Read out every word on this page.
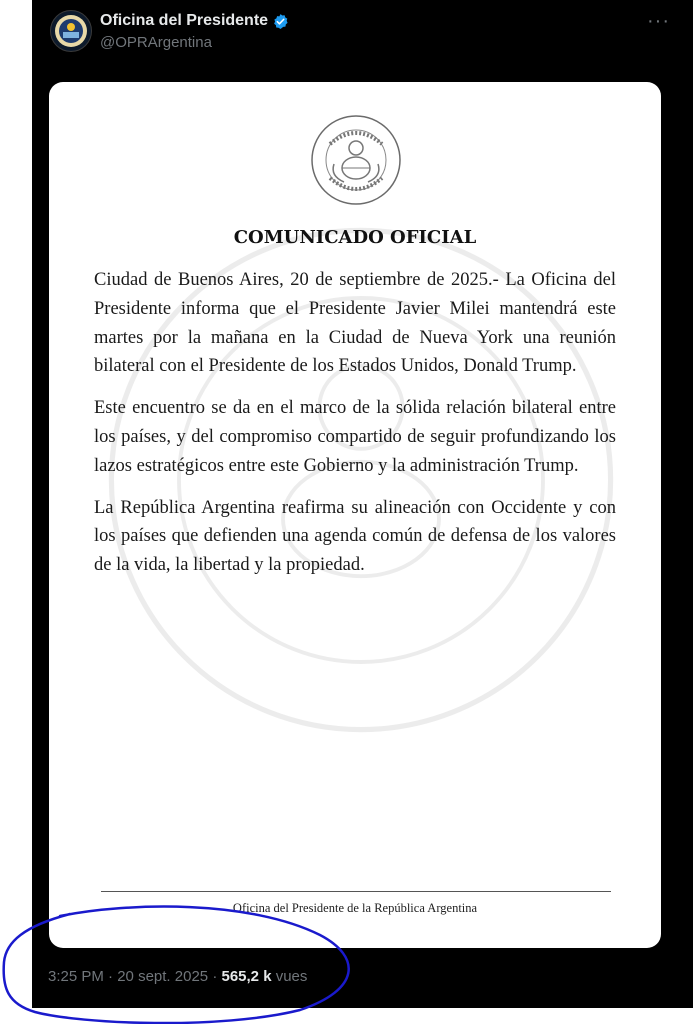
Oficina del Presidente
@OPRArgentina
···
COMUNICADO OFICIAL

Ciudad de Buenos Aires, 20 de septiembre de 2025.- La Oficina del Presidente informa que el Presidente Javier Milei mantendrá este martes por la mañana en la Ciudad de Nueva York una reunión bilateral con el Presidente de los Estados Unidos, Donald Trump.

Este encuentro se da en el marco de la sólida relación bilateral entre los países, y del compromiso compartido de seguir profundizando los lazos estratégicos entre este Gobierno y la administración Trump.

La República Argentina reafirma su alineación con Occidente y con los países que defienden una agenda común de defensa de los valores de la vida, la libertad y la propiedad.

Oficina del Presidente de la República Argentina
3:25 PM · 20 sept. 2025 · 565,2 k vues
